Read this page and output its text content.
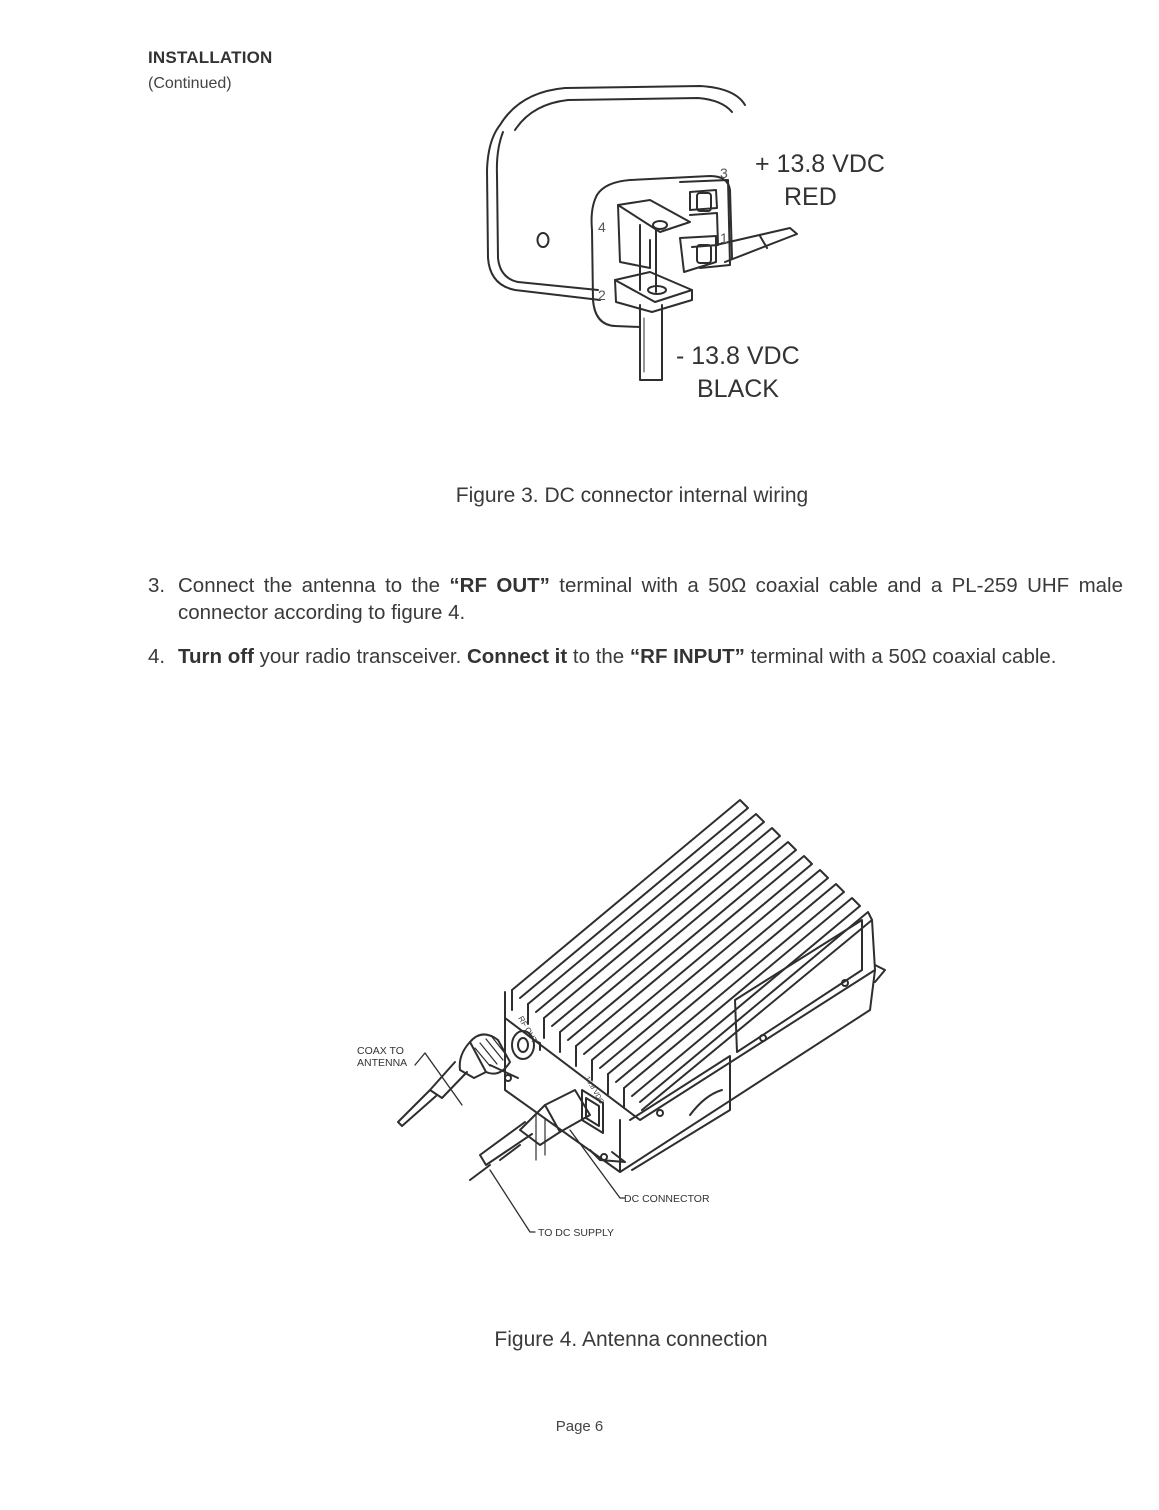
INSTALLATION
(Continued)
3
1
4
2
+ 13.8 VDC
RED
- 13.8 VDC
BLACK
Figure 3. DC connector internal wiring
3. Connect the antenna to the “RF OUT” terminal with a 50Ω coaxial cable and a PL-259 UHF male connector according to figure 4.
4. Turn off your radio transceiver. Connect it to the “RF INPUT” terminal with a 50Ω coaxial cable.
COAX TO
ANTENNA
DC CONNECTOR
TO DC SUPPLY
RF OUT
13.8 VDC
Figure 4. Antenna connection
Page 6
